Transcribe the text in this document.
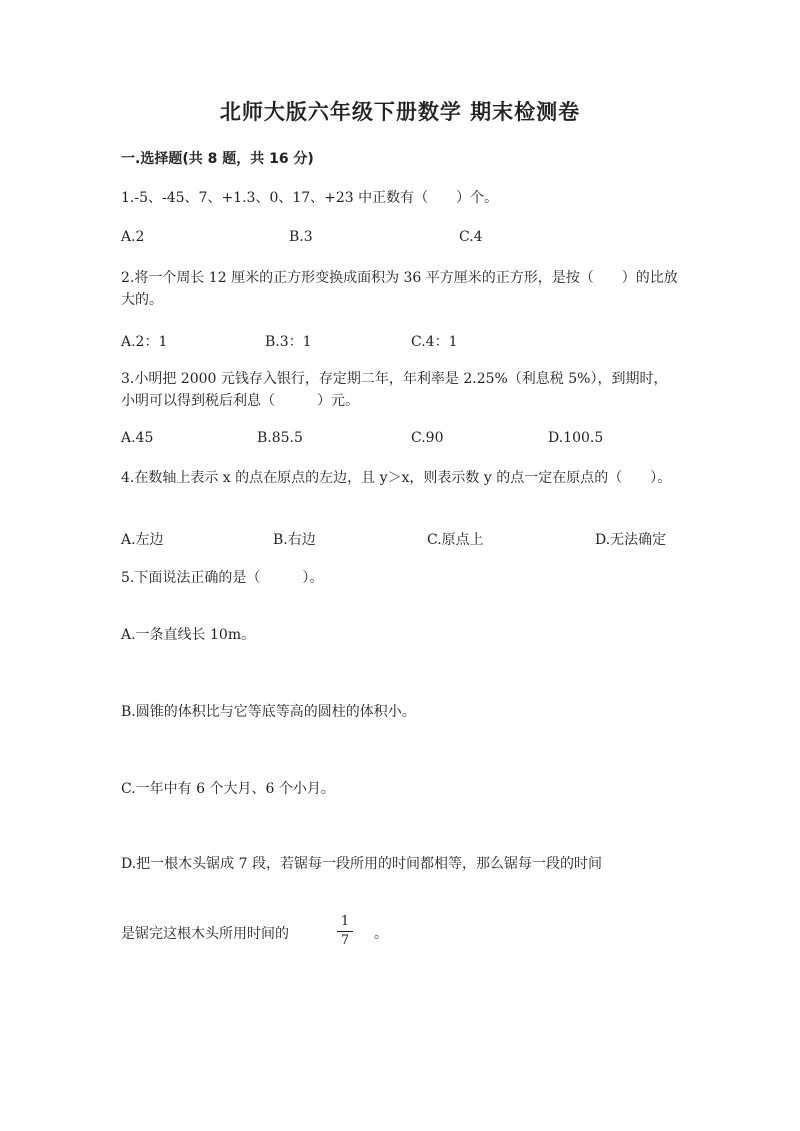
北师大版六年级下册数学 期末检测卷
一.选择题(共 8 题，共 16 分)
1.-5、-45、7、+1.3、0、17、+23 中正数有（　　）个。
A.2	B.3	C.4
2.将一个周长 12 厘米的正方形变换成面积为 36 平方厘米的正方形，是按（　　）的比放大的。
A.2：1	B.3：1	C.4：1
3.小明把 2000 元钱存入银行，存定期二年，年利率是 2.25%（利息税 5%），到期时，小明可以得到税后利息（　　　）元。
A.45	B.85.5	C.90	D.100.5
4.在数轴上表示 x 的点在原点的左边，且 y＞x，则表示数 y 的点一定在原点的（　　）。
A.左边	B.右边	C.原点上	D.无法确定
5.下面说法正确的是（　　　）。
A.一条直线长 10m。
B.圆锥的体积比与它等底等高的圆柱的体积小。
C.一年中有 6 个大月、6 个小月。
D.把一根木头锯成 7 段，若锯每一段所用的时间都相等，那么锯每一段的时间
是锯完这根木头所用时间的
1
7 。
